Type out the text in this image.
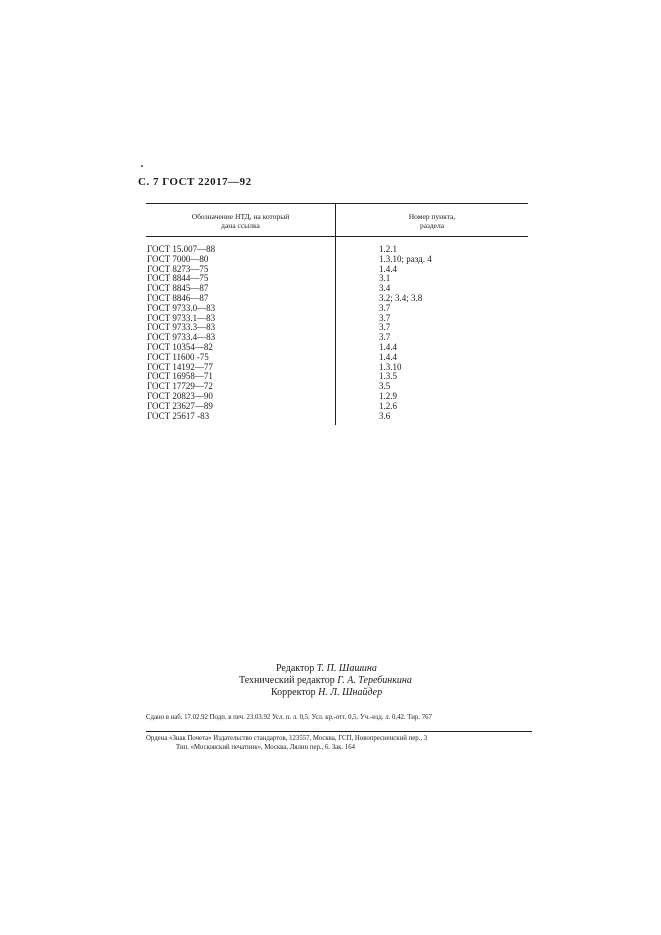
С. 7 ГОСТ 22017—92
Обозначение НТД, на который
дана ссылка
Номер пункта,
раздела
ГОСТ 15.007—88	1.2.1
ГОСТ 7000—80	1.3.10; разд. 4
ГОСТ 8273—75	1.4.4
ГОСТ 8844—75	3.1
ГОСТ 8845—87	3.4
ГОСТ 8846—87	3.2; 3.4; 3.8
ГОСТ 9733.0—83	3.7
ГОСТ 9733.1—83	3.7
ГОСТ 9733.3—83	3.7
ГОСТ 9733.4—83	3.7
ГОСТ 10354—82	1.4.4
ГОСТ 11600 -75	1.4.4
ГОСТ 14192—77	1.3.10
ГОСТ 16958—71	1.3.5
ГОСТ 17729—72	3.5
ГОСТ 20823—90	1.2.9
ГОСТ 23627—89	1.2.6
ГОСТ 25617 -83	3.6
Редактор Т. П. Шашина
Технический редактор Г. А. Теребинкина
Корректор Н. Л. Шнайдер
Сдано в наб. 17.02.92 Подп. в печ. 23.03.92 Усл. п. л. 0,5. Усл. кр.-отт. 0,5. Уч.-изд. л. 0,42. Тир. 767
Ордена «Знак Почета» Издательство стандартов, 123557, Москва, ГСП, Новопресненский пер., 3
Тип. «Московский печатник», Москва, Лялин пер., 6. Зак. 164
